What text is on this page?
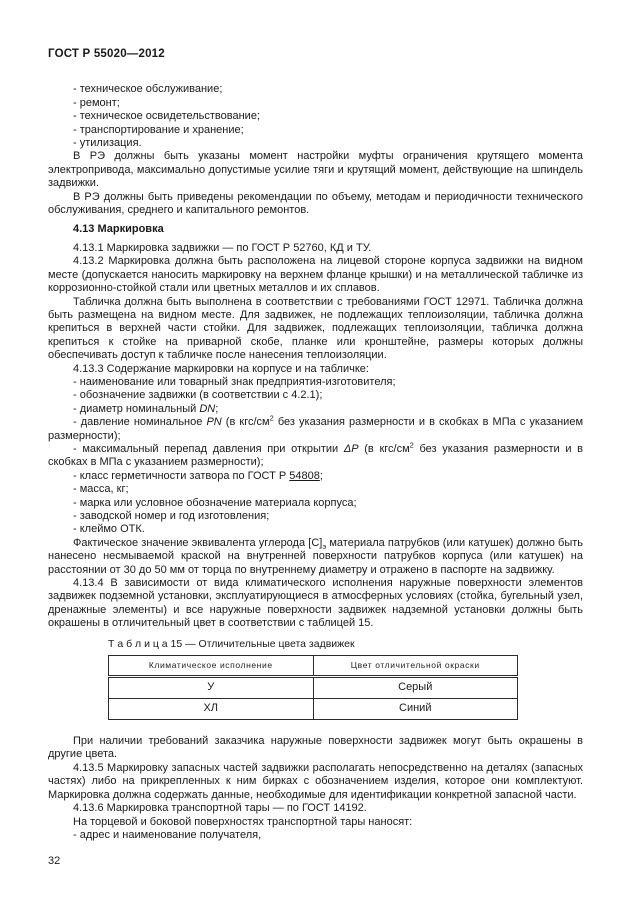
ГОСТ Р 55020—2012

- техническое обслуживание;

- ремонт;

- техническое освидетельствование;

- транспортирование и хранение;

- утилизация.

В РЭ должны быть указаны момент настройки муфты ограничения крутящего момента электропривода, максимально допустимые усилие тяги и крутящий момент, действующие на шпиндель задвижки.

В РЭ должны быть приведены рекомендации по объему, методам и периодичности технического обслуживания, среднего и капитального ремонтов.

4.13 Маркировка

4.13.1 Маркировка задвижки — по ГОСТ Р 52760, КД и ТУ.

4.13.2 Маркировка должна быть расположена на лицевой стороне корпуса задвижки на видном месте (допускается наносить маркировку на верхнем фланце крышки) и на металлической табличке из коррозионно-стойкой стали или цветных металлов и их сплавов.

Табличка должна быть выполнена в соответствии с требованиями ГОСТ 12971. Табличка должна быть размещена на видном месте. Для задвижек, не подлежащих теплоизоляции, табличка должна крепиться в верхней части стойки. Для задвижек, подлежащих теплоизоляции, табличка должна крепиться к стойке на приварной скобе, планке или кронштейне, размеры которых должны обеспечивать доступ к табличке после нанесения теплоизоляции.

4.13.3 Содержание маркировки на корпусе и на табличке:

- наименование или товарный знак предприятия-изготовителя;

- обозначение задвижки (в соответствии с 4.2.1);

- диаметр номинальный DN;

- давление номинальное PN (в кгс/$см^2$ без указания размерности и в скобках в МПа с указанием размерности);

- максимальный перепад давления при открытии ΔP (в кгс/$см^2$ без указания размерности и в скобках в МПа с указанием размерности);

- класс герметичности затвора по ГОСТ Р 54808;

- масса, кг;

- марка или условное обозначение материала корпуса;

- заводской номер и год изготовления;

- клеймо ОТК.

Фактическое значение эквивалента углерода $[C]_э$ материала патрубков (или катушек) должно быть нанесено несмываемой краской на внутренней поверхности патрубков корпуса (или катушек) на расстоянии от 30 до 50 мм от торца по внутреннему диаметру и отражено в паспорте на задвижку.

4.13.4 В зависимости от вида климатического исполнения наружные поверхности элементов задвижек подземной установки, эксплуатирующиеся в атмосферных условиях (стойка, бугельный узел, дренажные элементы) и все наружные поверхности задвижек надземной установки должны быть окрашены в отличительный цвет в соответствии с таблицей 15.

Т а б л и ц а 15 — Отличительные цвета задвижек
Климатическое исполнение	Цвет отличительной окраски
У	Серый
ХЛ	Синий

При наличии требований заказчика наружные поверхности задвижек могут быть окрашены в другие цвета.

4.13.5 Маркировку запасных частей задвижки располагать непосредственно на деталях (запасных частях) либо на прикрепленных к ним бирках с обозначением изделия, которое они комплектуют. Маркировка должна содержать данные, необходимые для идентификации конкретной запасной части.

4.13.6 Маркировка транспортной тары — по ГОСТ 14192.

На торцевой и боковой поверхностях транспортной тары наносят:

- адрес и наименование получателя,

32
